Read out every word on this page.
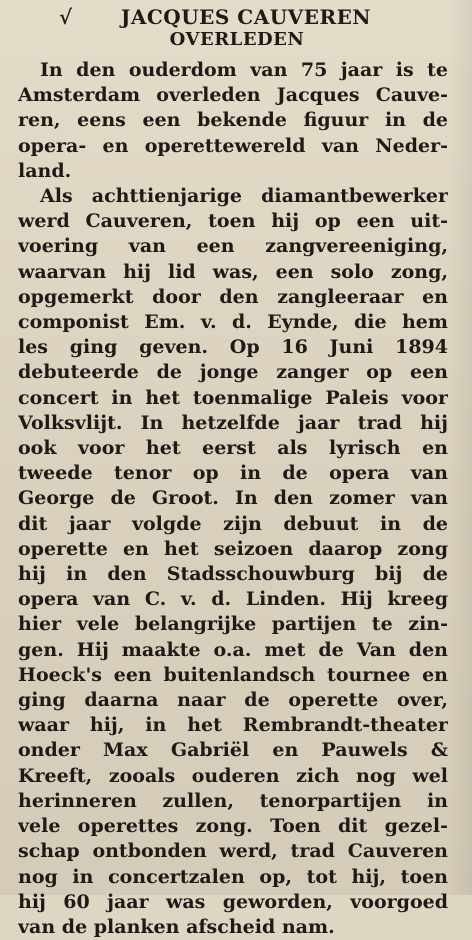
√	JACQUES CAUVEREN
OVERLEDEN
In den ouderdom van 75 jaar is te
Amsterdam overleden Jacques Cauve-
ren, eens een bekende figuur in de
opera- en operettewereld van Neder-
land.
Als achttienjarige diamantbewerker
werd Cauveren, toen hij op een uit-
voering van een zangvereeniging,
waarvan hij lid was, een solo zong,
opgemerkt door den zangleeraar en
componist Em. v. d. Eynde, die hem
les ging geven. Op 16 Juni 1894
debuteerde de jonge zanger op een
concert in het toenmalige Paleis voor
Volksvlijt. In hetzelfde jaar trad hij
ook voor het eerst als lyrisch en
tweede tenor op in de opera van
George de Groot. In den zomer van
dit jaar volgde zijn debuut in de
operette en het seizoen daarop zong
hij in den Stadsschouwburg bij de
opera van C. v. d. Linden. Hij kreeg
hier vele belangrijke partijen te zin-
gen. Hij maakte o.a. met de Van den
Hoeck's een buitenlandsch tournee en
ging daarna naar de operette over,
waar hij, in het Rembrandt-theater
onder Max Gabriël en Pauwels &
Kreeft, zooals ouderen zich nog wel
herinneren zullen, tenorpartijen in
vele operettes zong. Toen dit gezel-
schap ontbonden werd, trad Cauveren
nog in concertzalen op, tot hij, toen
hij 60 jaar was geworden, voorgoed
van de planken afscheid nam.
